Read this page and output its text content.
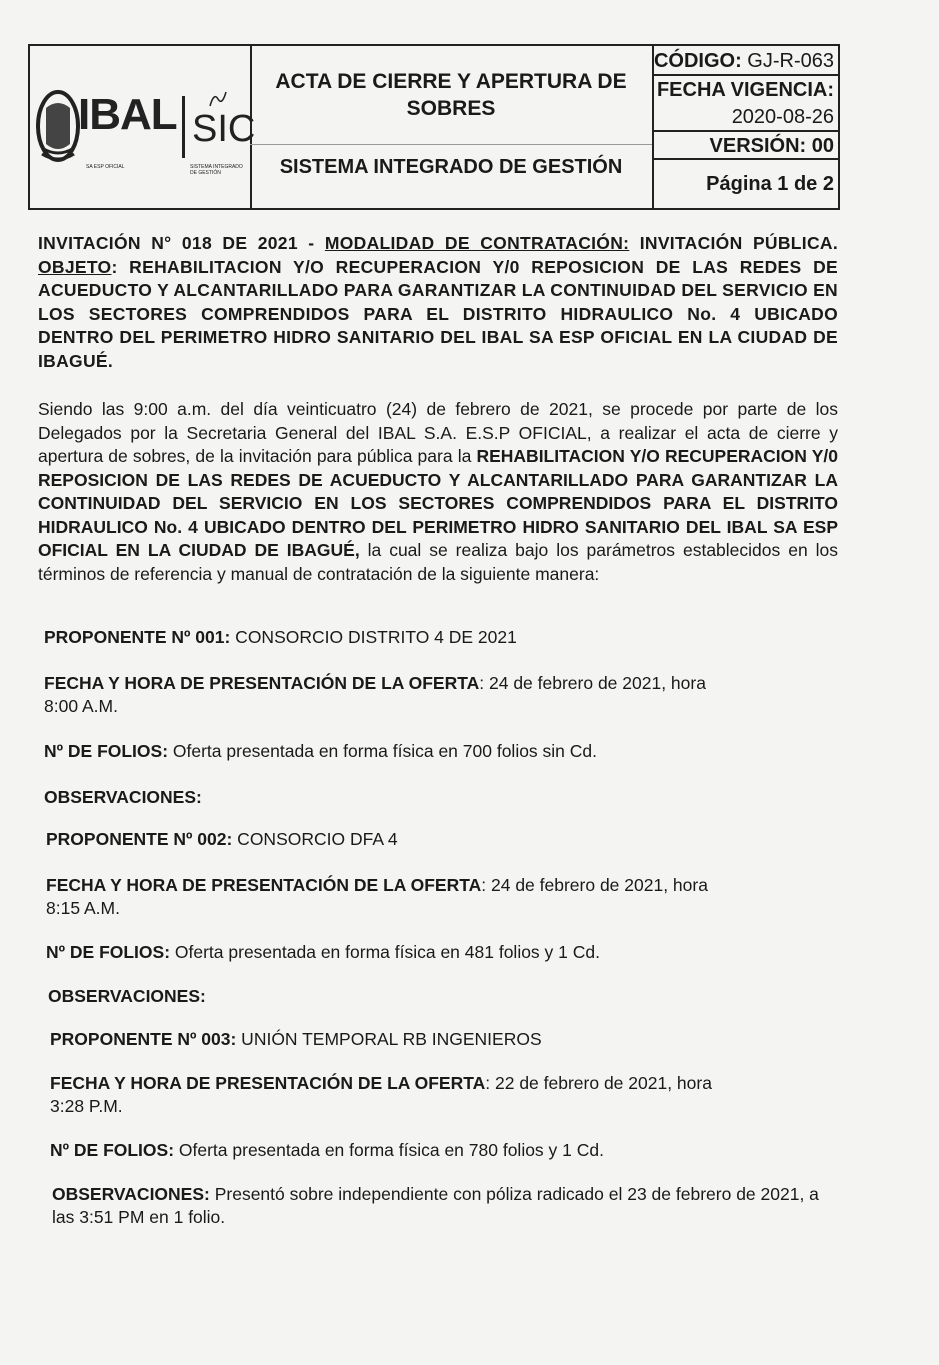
IBAL SIC
SA ESP OFICIAL	SISTEMA INTEGRADO DE GESTIÓN
ACTA DE CIERRE Y APERTURA DE SOBRES
SISTEMA INTEGRADO DE GESTIÓN
CÓDIGO: GJ-R-063
FECHA VIGENCIA:
2020-08-26
VERSIÓN: 00
Página 1 de 2
INVITACIÓN N° 018 DE 2021 - MODALIDAD DE CONTRATACIÓN: INVITACIÓN PÚBLICA. OBJETO: REHABILITACION Y/O RECUPERACION Y/0 REPOSICION DE LAS REDES DE ACUEDUCTO Y ALCANTARILLADO PARA GARANTIZAR LA CONTINUIDAD DEL SERVICIO EN LOS SECTORES COMPRENDIDOS PARA EL DISTRITO HIDRAULICO No. 4 UBICADO DENTRO DEL PERIMETRO HIDRO SANITARIO DEL IBAL SA ESP OFICIAL EN LA CIUDAD DE IBAGUÉ.
Siendo las 9:00 a.m. del día veinticuatro (24) de febrero de 2021, se procede por parte de los Delegados por la Secretaria General del IBAL S.A. E.S.P OFICIAL, a realizar el acta de cierre y apertura de sobres, de la invitación para pública para la REHABILITACION Y/O RECUPERACION Y/0 REPOSICION DE LAS REDES DE ACUEDUCTO Y ALCANTARILLADO PARA GARANTIZAR LA CONTINUIDAD DEL SERVICIO EN LOS SECTORES COMPRENDIDOS PARA EL DISTRITO HIDRAULICO No. 4 UBICADO DENTRO DEL PERIMETRO HIDRO SANITARIO DEL IBAL SA ESP OFICIAL EN LA CIUDAD DE IBAGUÉ, la cual se realiza bajo los parámetros establecidos en los términos de referencia y manual de contratación de la siguiente manera:
PROPONENTE Nº 001: CONSORCIO DISTRITO 4 DE 2021
FECHA Y HORA DE PRESENTACIÓN DE LA OFERTA: 24 de febrero de 2021, hora
8:00 A.M.
Nº DE FOLIOS: Oferta presentada en forma física en 700 folios sin Cd.
OBSERVACIONES:
PROPONENTE Nº 002: CONSORCIO DFA 4
FECHA Y HORA DE PRESENTACIÓN DE LA OFERTA: 24 de febrero de 2021, hora
8:15 A.M.
Nº DE FOLIOS: Oferta presentada en forma física en 481 folios y 1 Cd.
OBSERVACIONES:
PROPONENTE Nº 003: UNIÓN TEMPORAL RB INGENIEROS
FECHA Y HORA DE PRESENTACIÓN DE LA OFERTA: 22 de febrero de 2021, hora
3:28 P.M.
Nº DE FOLIOS: Oferta presentada en forma física en 780 folios y 1 Cd.
OBSERVACIONES: Presentó sobre independiente con póliza radicado el 23 de febrero de 2021, a las 3:51 PM en 1 folio.
